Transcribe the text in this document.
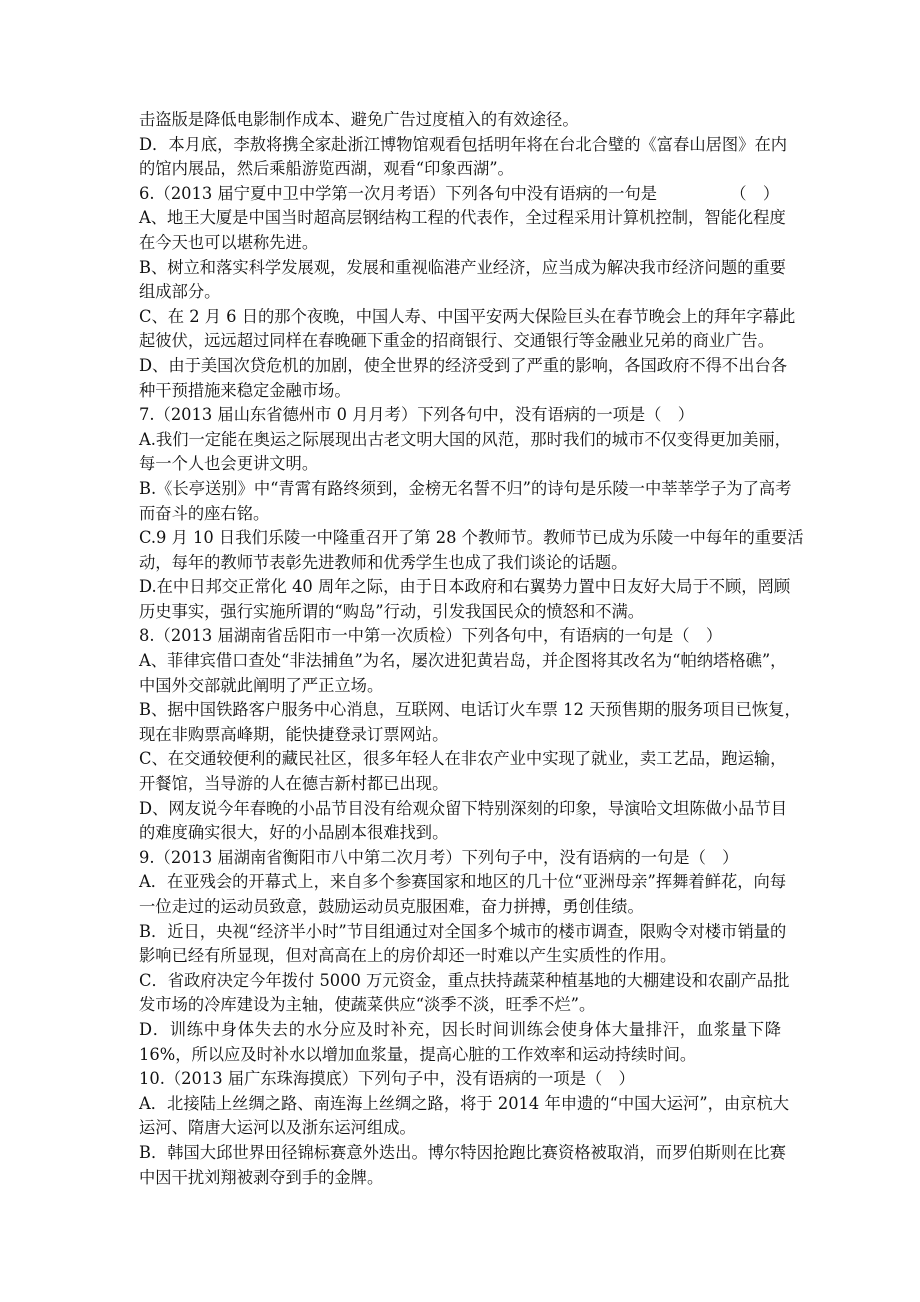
击盗版是降低电影制作成本、避免广告过度植入的有效途径。
D．本月底，李敖将携全家赴浙江博物馆观看包括明年将在台北合璧的《富春山居图》在内
的馆内展品，然后乘船游览西湖，观看“印象西湖”。
6.（2013 届宁夏中卫中学第一次月考语）下列各句中没有语病的一句是　　　　　（　）
A、地王大厦是中国当时超高层钢结构工程的代表作，全过程采用计算机控制，智能化程度
在今天也可以堪称先进。
B、树立和落实科学发展观，发展和重视临港产业经济，应当成为解决我市经济问题的重要
组成部分。
C、在 2 月 6 日的那个夜晚，中国人寿、中国平安两大保险巨头在春节晚会上的拜年字幕此
起彼伏，远远超过同样在春晚砸下重金的招商银行、交通银行等金融业兄弟的商业广告。
D、由于美国次贷危机的加剧，使全世界的经济受到了严重的影响，各国政府不得不出台各
种干预措施来稳定金融市场。
7.（2013 届山东省德州市 0 月月考）下列各句中，没有语病的一项是（　）
A.我们一定能在奥运之际展现出古老文明大国的风范，那时我们的城市不仅变得更加美丽，
每一个人也会更讲文明。
B.《长亭送别》中“青霄有路终须到，金榜无名誓不归”的诗句是乐陵一中莘莘学子为了高考
而奋斗的座右铭。
C.9 月 10 日我们乐陵一中隆重召开了第 28 个教师节。教师节已成为乐陵一中每年的重要活
动，每年的教师节表彰先进教师和优秀学生也成了我们谈论的话题。
D.在中日邦交正常化 40 周年之际，由于日本政府和右翼势力置中日友好大局于不顾，罔顾
历史事实，强行实施所谓的“购岛”行动，引发我国民众的愤怒和不满。
8.（2013 届湖南省岳阳市一中第一次质检）下列各句中，有语病的一句是（　）
A、菲律宾借口查处“非法捕鱼”为名，屡次进犯黄岩岛，并企图将其改名为“帕纳塔格礁”，
中国外交部就此阐明了严正立场。
B、据中国铁路客户服务中心消息，互联网、电话订火车票 12 天预售期的服务项目已恢复，
现在非购票高峰期，能快捷登录订票网站。
C、在交通较便利的藏民社区，很多年轻人在非农产业中实现了就业，卖工艺品，跑运输，
开餐馆，当导游的人在德吉新村都已出现。
D、网友说今年春晚的小品节目没有给观众留下特别深刻的印象，导演哈文坦陈做小品节目
的难度确实很大，好的小品剧本很难找到。
9.（2013 届湖南省衡阳市八中第二次月考）下列句子中，没有语病的一句是（　）
A．在亚残会的开幕式上，来自多个参赛国家和地区的几十位“亚洲母亲”挥舞着鲜花，向每
一位走过的运动员致意，鼓励运动员克服困难，奋力拼搏，勇创佳绩。
B．近日，央视“经济半小时”节目组通过对全国多个城市的楼市调查，限购令对楼市销量的
影响已经有所显现，但对高高在上的房价却还一时难以产生实质性的作用。
C．省政府决定今年拨付 5000 万元资金，重点扶持蔬菜种植基地的大棚建设和农副产品批
发市场的冷库建设为主轴，使蔬菜供应“淡季不淡，旺季不烂”。
D．训练中身体失去的水分应及时补充，因长时间训练会使身体大量排汗，血浆量下降
16%，所以应及时补水以增加血浆量，提高心脏的工作效率和运动持续时间。
10.（2013 届广东珠海摸底）下列句子中，没有语病的一项是（　）
A．北接陆上丝绸之路、南连海上丝绸之路，将于 2014 年申遗的“中国大运河”，由京杭大
运河、隋唐大运河以及浙东运河组成。
B．韩国大邱世界田径锦标赛意外迭出。博尔特因抢跑比赛资格被取消，而罗伯斯则在比赛
中因干扰刘翔被剥夺到手的金牌。
